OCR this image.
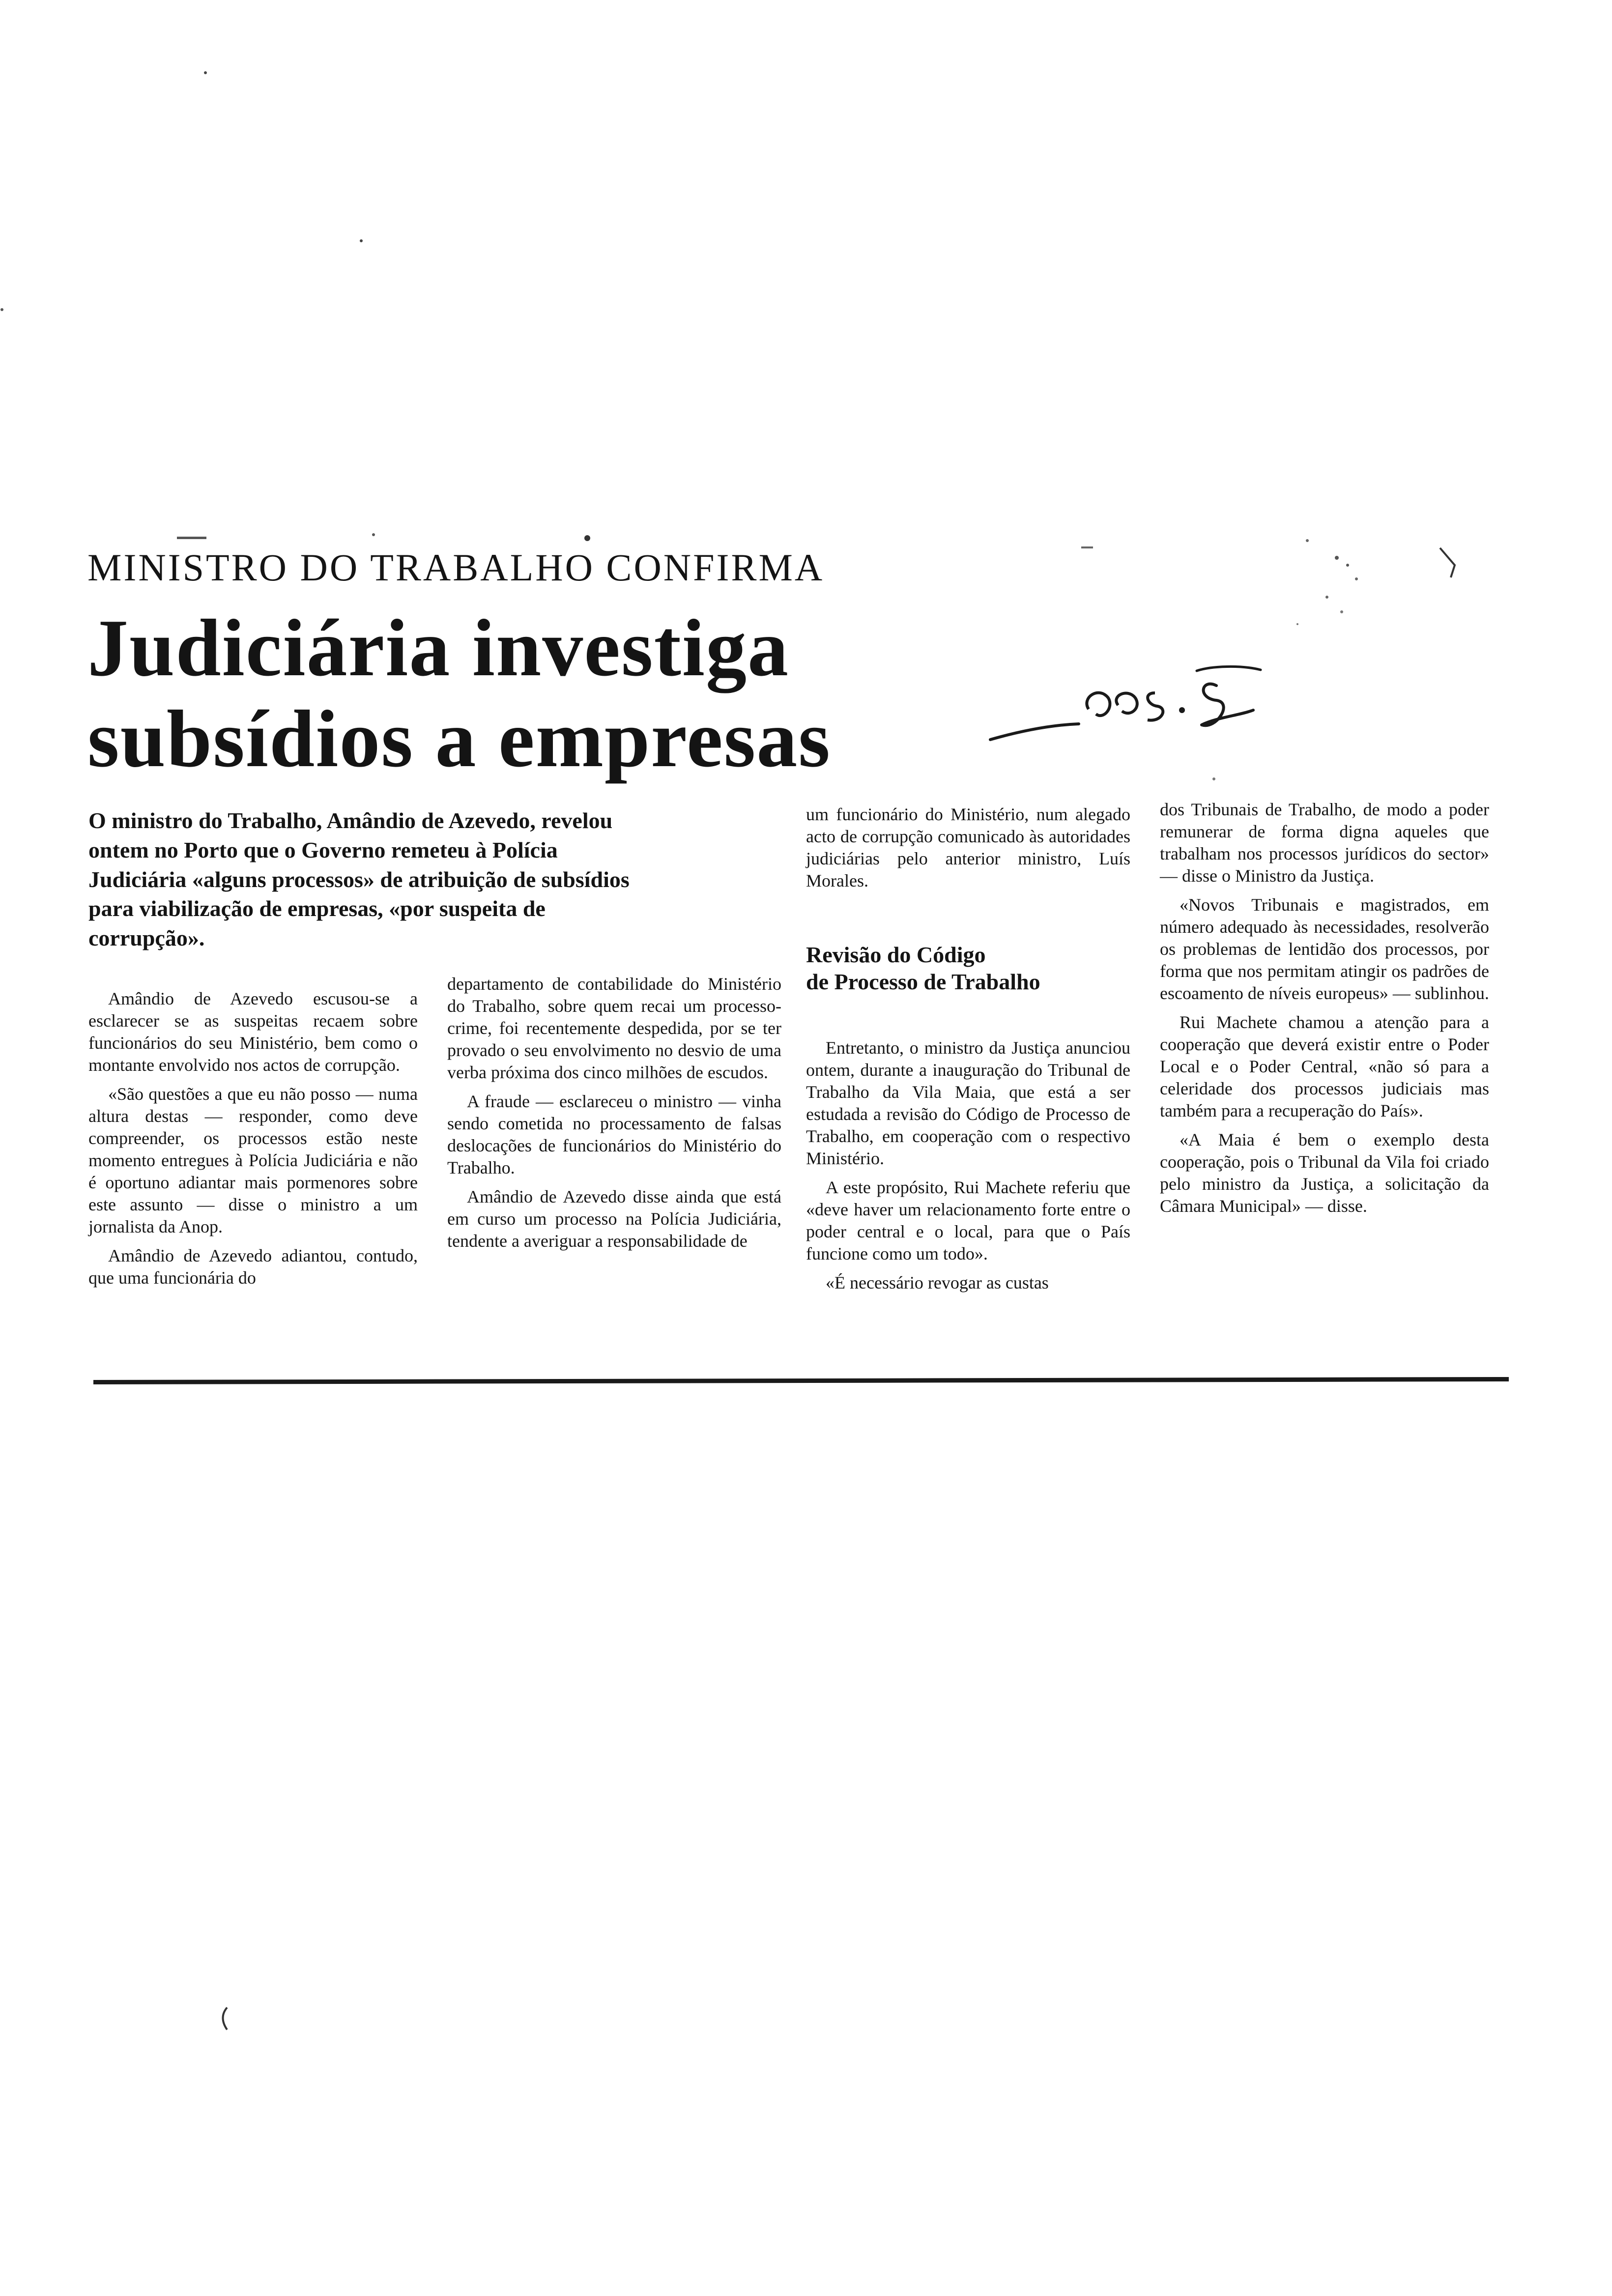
MINISTRO DO TRABALHO CONFIRMA
Judiciária investiga
subsídios a empresas

O ministro do Trabalho, Amândio de Azevedo, revelou

ontem no Porto que o Governo remeteu à Polícia

Judiciária «alguns processos» de atribuição de subsídios

para viabilização de empresas, «por suspeita de

corrupção».

Amândio de Azevedo escusou-se a esclarecer se as suspeitas recaem sobre funcionários do seu Ministério, bem como o montante envolvido nos actos de corrupção.

«São questões a que eu não posso — numa altura destas — responder, como deve compreender, os processos estão neste momento entregues à Polícia Judiciária e não é oportuno adiantar mais pormenores sobre este assunto — disse o ministro a um jornalista da Anop.

Amândio de Azevedo adiantou, contudo, que uma funcionária do

departamento de contabilidade do Ministério do Trabalho, sobre quem recai um processo-crime, foi recentemente despedida, por se ter provado o seu envolvimento no desvio de uma verba próxima dos cinco milhões de escudos.

A fraude — esclareceu o ministro — vinha sendo cometida no processamento de falsas deslocações de funcionários do Ministério do Trabalho.

Amândio de Azevedo disse ainda que está em curso um processo na Polícia Judiciária, tendente a averiguar a responsabilidade de

um funcionário do Ministério, num alegado acto de corrupção comunicado às autoridades judiciárias pelo anterior ministro, Luís Morales.

Revisão do Código
de Processo de Trabalho

Entretanto, o ministro da Justiça anunciou ontem, durante a inauguração do Tribunal de Trabalho da Vila Maia, que está a ser estudada a revisão do Código de Processo de Trabalho, em cooperação com o respectivo Ministério.

A este propósito, Rui Machete referiu que «deve haver um relacionamento forte entre o poder central e o local, para que o País funcione como um todo».

«É necessário revogar as custas

dos Tribunais de Trabalho, de modo a poder remunerar de forma digna aqueles que trabalham nos processos jurídicos do sector» — disse o Ministro da Justiça.

«Novos Tribunais e magistrados, em número adequado às necessidades, resolverão os problemas de lentidão dos processos, por forma que nos permitam atingir os padrões de escoamento de níveis europeus» — sublinhou.

Rui Machete chamou a atenção para a cooperação que deverá existir entre o Poder Local e o Poder Central, «não só para a celeridade dos processos judiciais mas também para a recuperação do País».

«A Maia é bem o exemplo desta cooperação, pois o Tribunal da Vila foi criado pelo ministro da Justiça, a solicitação da Câmara Municipal» — disse.
